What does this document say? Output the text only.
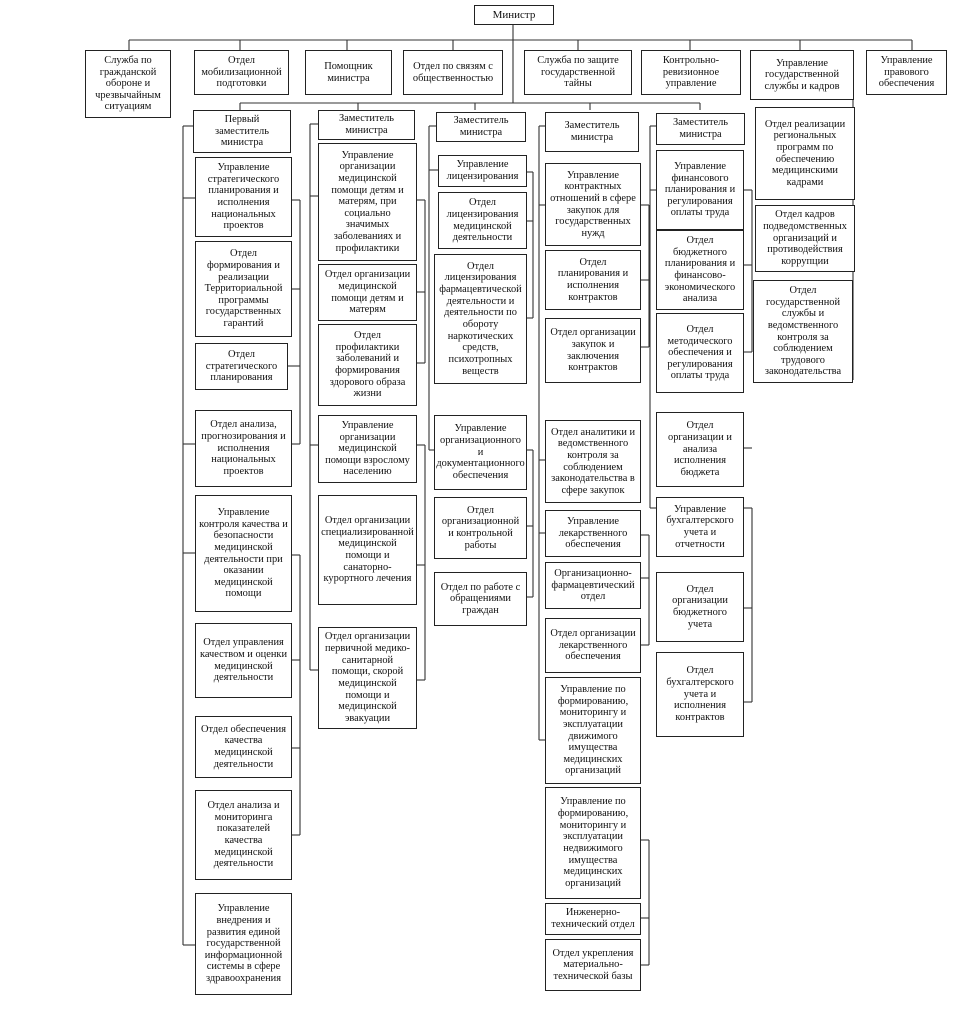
Министр
Служба по гражданской обороне и чрезвычайным ситуациям
Отдел мобилизационной подготовки
Помощник министра
Отдел по связям с общественностью
Служба по защите государственной тайны
Контрольно-ревизионное управление
Управление государственной службы и кадров
Управление правового обеспечения
Отдел реализации региональных программ по обеспечению медицинскими кадрами
Отдел кадров подведомственных организаций и противодействия коррупции
Отдел государственной службы и ведомственного контроля за соблюдением трудового законодательства
Первый заместитель министра
Управление стратегического планирования и исполнения национальных проектов
Отдел формирования и реализации Территориальной программы государственных гарантий
Отдел стратегического планирования
Отдел анализа, прогнозирования и исполнения национальных проектов
Управление контроля качества и безопасности медицинской деятельности при оказании медицинской помощи
Отдел управления качеством и оценки медицинской деятельности
Отдел обеспечения качества медицинской деятельности
Отдел анализа и мониторинга показателей качества медицинской деятельности
Управление внедрения и развития единой государственной информационной системы в сфере здравоохранения
Заместитель министра
Управление организации медицинской помощи детям и матерям, при социально значимых заболеваниях и профилактики
Отдел организации медицинской помощи детям и матерям
Отдел профилактики заболеваний и формирования здорового образа жизни
Управление организации медицинской помощи взрослому населению
Отдел организации специализированной медицинской помощи и санаторно-курортного лечения
Отдел организации первичной медико-санитарной помощи, скорой медицинской помощи и медицинской эвакуации
Заместитель министра
Управление лицензирования
Отдел лицензирования медицинской деятельности
Отдел лицензирования фармацевтической деятельности и деятельности по обороту наркотических средств, психотропных веществ
Управление организационного и документационного обеспечения
Отдел организационной и контрольной работы
Отдел по работе с обращениями граждан
Заместитель министра
Управление контрактных отношений в сфере закупок для государственных нужд
Отдел планирования и исполнения контрактов
Отдел организации закупок и заключения контрактов
Отдел аналитики и ведомственного контроля за соблюдением законодательства в сфере закупок
Управление лекарственного обеспечения
Организационно-фармацевтический отдел
Отдел организации лекарственного обеспечения
Управление по формированию, мониторингу и эксплуатации движимого имущества медицинских организаций
Управление по формированию, мониторингу и эксплуатации недвижимого имущества медицинских организаций
Инженерно-технический отдел
Отдел укрепления материально-технической базы
Заместитель министра
Управление финансового планирования и регулирования оплаты труда
Отдел бюджетного планирования и финансово-экономического анализа
Отдел методического обеспечения и регулирования оплаты труда
Отдел организации и анализа исполнения бюджета
Управление бухгалтерского учета и отчетности
Отдел организации бюджетного учета
Отдел бухгалтерского учета и исполнения контрактов
